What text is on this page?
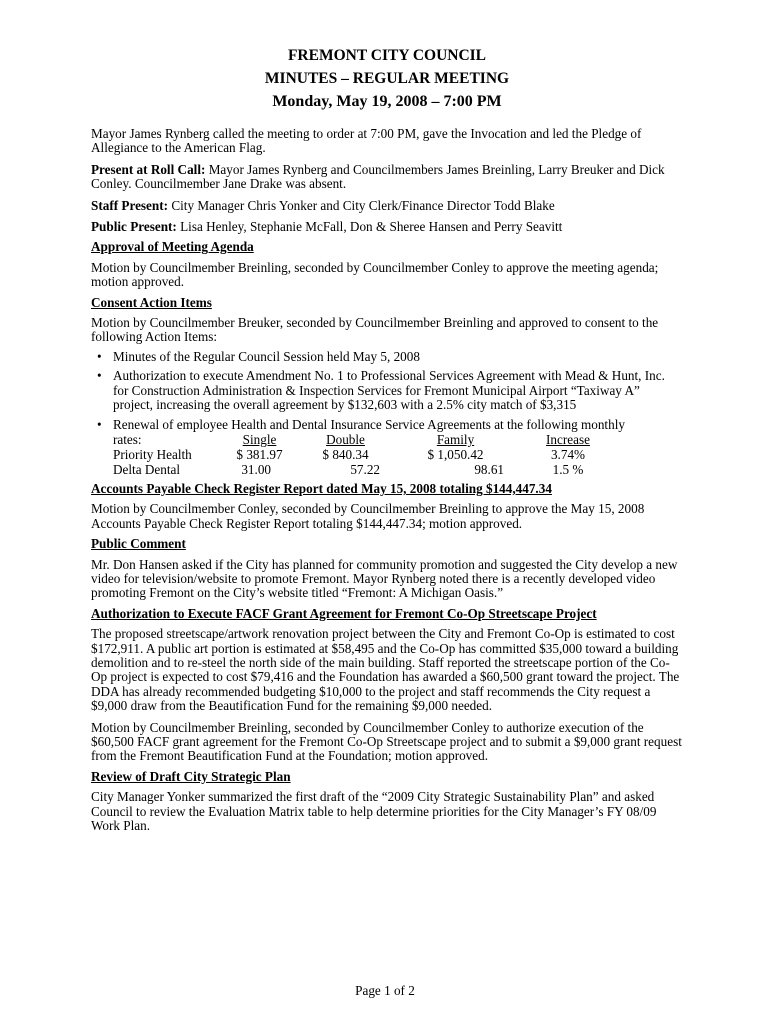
FREMONT CITY COUNCIL
MINUTES – REGULAR MEETING
Monday, May 19, 2008 – 7:00 PM

Mayor James Rynberg called the meeting to order at 7:00 PM, gave the Invocation and led the Pledge of Allegiance to the American Flag.

Present at Roll Call: Mayor James Rynberg and Councilmembers James Breinling, Larry Breuker and Dick Conley. Councilmember Jane Drake was absent.

Staff Present: City Manager Chris Yonker and City Clerk/Finance Director Todd Blake

Public Present: Lisa Henley, Stephanie McFall, Don & Sheree Hansen and Perry Seavitt

Approval of Meeting Agenda

Motion by Councilmember Breinling, seconded by Councilmember Conley to approve the meeting agenda; motion approved.

Consent Action Items

Motion by Councilmember Breuker, seconded by Councilmember Breinling and approved to consent to the following Action Items:

• Minutes of the Regular Council Session held May 5, 2008
• Authorization to execute Amendment No. 1 to Professional Services Agreement with Mead & Hunt, Inc. for Construction Administration & Inspection Services for Fremont Municipal Airport “Taxiway A” project, increasing the overall agreement by $132,603 with a 2.5% city match of $3,315
• Renewal of employee Health and Dental Insurance Service Agreements at the following monthly
rates:	Single	Double	Family	Increase
Priority Health	$ 381.97	$ 840.34	$ 1,050.42	3.74%
Delta Dental	31.00	57.22	98.61	1.5 %
Accounts Payable Check Register Report dated May 15, 2008 totaling $144,447.34

Motion by Councilmember Conley, seconded by Councilmember Breinling to approve the May 15, 2008 Accounts Payable Check Register Report totaling $144,447.34; motion approved.

Public Comment

Mr. Don Hansen asked if the City has planned for community promotion and suggested the City develop a new video for television/website to promote Fremont. Mayor Rynberg noted there is a recently developed video promoting Fremont on the City’s website titled “Fremont: A Michigan Oasis.”

Authorization to Execute FACF Grant Agreement for Fremont Co-Op Streetscape Project

The proposed streetscape/artwork renovation project between the City and Fremont Co-Op is estimated to cost $172,911. A public art portion is estimated at $58,495 and the Co-Op has committed $35,000 toward a building demolition and to re-steel the north side of the main building. Staff reported the streetscape portion of the Co-Op project is expected to cost $79,416 and the Foundation has awarded a $60,500 grant toward the project. The DDA has already recommended budgeting $10,000 to the project and staff recommends the City request a $9,000 draw from the Beautification Fund for the remaining $9,000 needed.

Motion by Councilmember Breinling, seconded by Councilmember Conley to authorize execution of the $60,500 FACF grant agreement for the Fremont Co-Op Streetscape project and to submit a $9,000 grant request from the Fremont Beautification Fund at the Foundation; motion approved.

Review of Draft City Strategic Plan

City Manager Yonker summarized the first draft of the “2009 City Strategic Sustainability Plan” and asked Council to review the Evaluation Matrix table to help determine priorities for the City Manager’s FY 08/09 Work Plan.

Page 1 of 2
